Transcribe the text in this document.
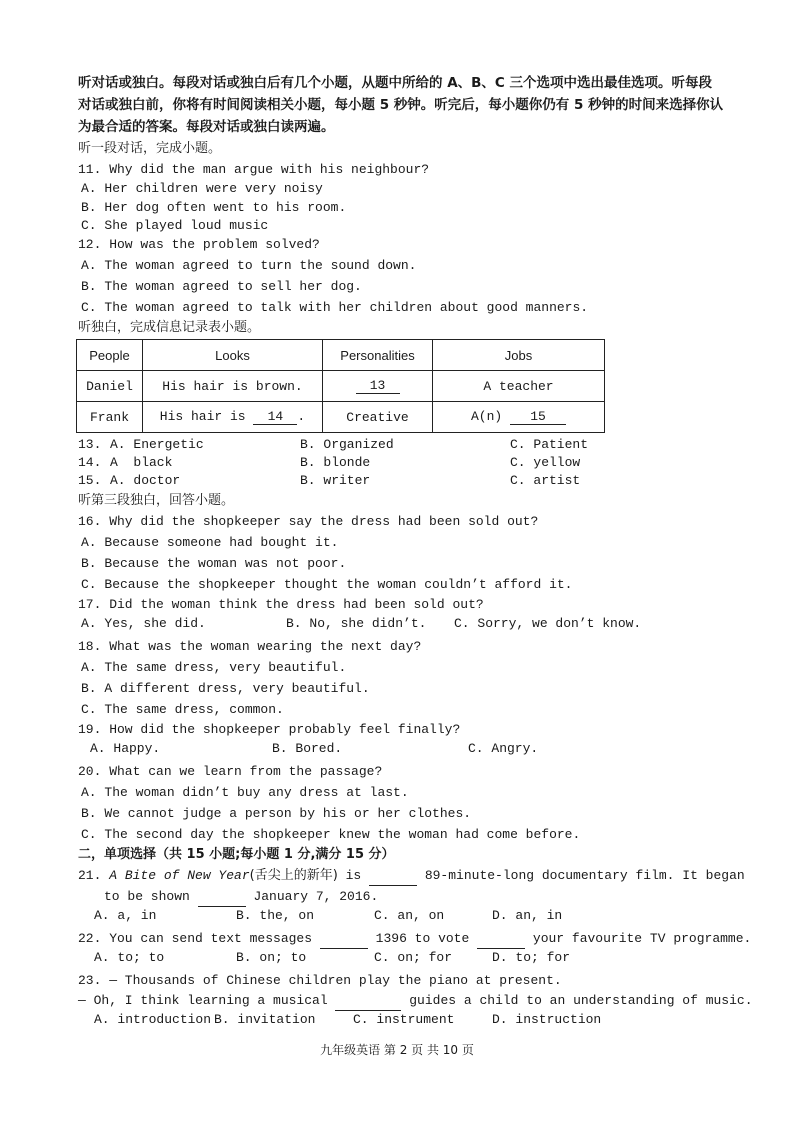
听对话或独白。每段对话或独白后有几个小题，从题中所给的 A、B、C 三个选项中选出最佳选项。听每段对话或独白前，你将有时间阅读相关小题，每小题 5 秒钟。听完后，每小题你仍有 5 秒钟的时间来选择你认为最合适的答案。每段对话或独白读两遍。
听一段对话，完成小题。
11. Why did the man argue with his neighbour?
A. Her children were very noisy
B. Her dog often went to his room.
C. She played loud music
12. How was the problem solved?
A. The woman agreed to turn the sound down.
B. The woman agreed to sell her dog.
C. The woman agreed to talk with her children about good manners.
听独白，完成信息记录表小题。
People	Looks	Personalities	Jobs
Daniel	His hair is brown.	13	A teacher
Frank	His hair is 14 .	Creative	A(n) 15
13. A. Energetic	B. Organized	C. Patient
14. A  black	B. blonde	C. yellow
15. A. doctor	B. writer	C. artist
听第三段独白，回答小题。
16. Why did the shopkeeper say the dress had been sold out?
A. Because someone had bought it.
B. Because the woman was not poor.
C. Because the shopkeeper thought the woman couldn’t afford it.
17. Did the woman think the dress had been sold out?
A. Yes, she did.	B. No, she didn’t. C. Sorry, we don’t know.
18. What was the woman wearing the next day?
A. The same dress, very beautiful.
B. A different dress, very beautiful.
C. The same dress, common.
19. How did the shopkeeper probably feel finally?
A. Happy.	B. Bored.	C. Angry.
20. What can we learn from the passage?
A. The woman didn’t buy any dress at last.
B. We cannot judge a person by his or her clothes.
C. The second day the shopkeeper knew the woman had come before.
二，单项选择（共 15 小题;每小题 1 分,满分 15 分）
21. A Bite of New Year(舌尖上的新年) is	89-minute-long documentary film. It began
to be shown	January 7, 2016.
A. a, in	B. the, on	C. an, on	D. an, in
22. You can send text messages	1396 to vote	your favourite TV programme.
A. to; to	B. on; to	C. on; for	D. to; for
23. — Thousands of Chinese children play the piano at present.
— Oh, I think learning a musical	guides a child to an understanding of music.
A. introduction B. invitation	C. instrument	D. instruction
九年级英语 第 2 页 共 10 页
